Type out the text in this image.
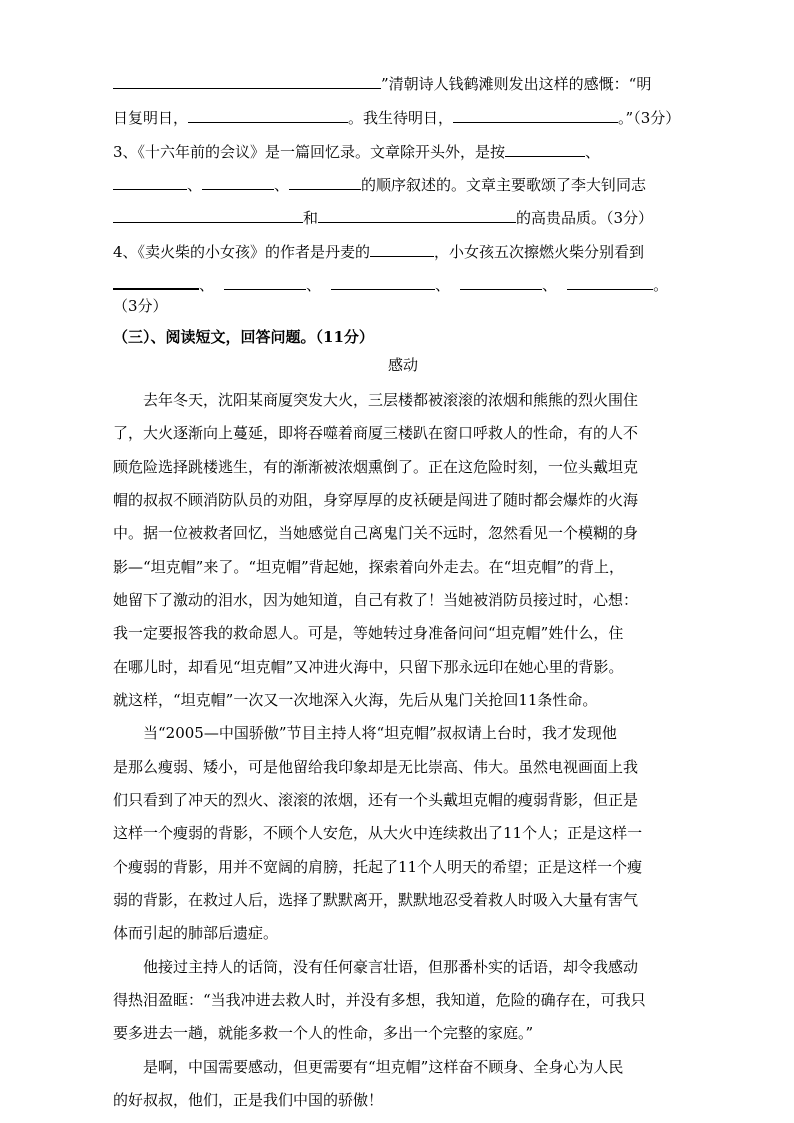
”清朝诗人钱鹤滩则发出这样的感慨：“明
日复明日，	。我生待明日，	。”（3分）
3、《十六年前的会议》是一篇回忆录。文章除开头外，是按	、
、	、	的顺序叙述的。文章主要歌颂了李大钊同志
和	的高贵品质。（3分）
4、《卖火柴的小女孩》的作者是丹麦的	，小女孩五次擦燃火柴分别看到
、	、	、	、	。
（3分）
（三）、阅读短文，回答问题。（11分）
感动
　　去年冬天，沈阳某商厦突发大火，三层楼都被滚滚的浓烟和熊熊的烈火围住
了，大火逐渐向上蔓延，即将吞噬着商厦三楼趴在窗口呼救人的性命，有的人不
顾危险选择跳楼逃生，有的渐渐被浓烟熏倒了。正在这危险时刻，一位头戴坦克
帽的叔叔不顾消防队员的劝阻，身穿厚厚的皮袄硬是闯进了随时都会爆炸的火海
中。据一位被救者回忆，当她感觉自己离鬼门关不远时，忽然看见一个模糊的身
影—“坦克帽”来了。“坦克帽”背起她，探索着向外走去。在“坦克帽”的背上，
她留下了激动的泪水，因为她知道，自己有救了！当她被消防员接过时，心想：
我一定要报答我的救命恩人。可是，等她转过身准备问问“坦克帽”姓什么，住
在哪儿时，却看见“坦克帽”又冲进火海中，只留下那永远印在她心里的背影。
就这样，“坦克帽”一次又一次地深入火海，先后从鬼门关抢回11条性命。
　　当“2005—中国骄傲”节目主持人将“坦克帽”叔叔请上台时，我才发现他
是那么瘦弱、矮小，可是他留给我印象却是无比崇高、伟大。虽然电视画面上我
们只看到了冲天的烈火、滚滚的浓烟，还有一个头戴坦克帽的瘦弱背影，但正是
这样一个瘦弱的背影，不顾个人安危，从大火中连续救出了11个人；正是这样一
个瘦弱的背影，用并不宽阔的肩膀，托起了11个人明天的希望；正是这样一个瘦
弱的背影，在救过人后，选择了默默离开，默默地忍受着救人时吸入大量有害气
体而引起的肺部后遗症。
　　他接过主持人的话筒，没有任何豪言壮语，但那番朴实的话语，却令我感动
得热泪盈眶：“当我冲进去救人时，并没有多想，我知道，危险的确存在，可我只
要多进去一趟，就能多救一个人的性命，多出一个完整的家庭。”
　　是啊，中国需要感动，但更需要有“坦克帽”这样奋不顾身、全身心为人民
的好叔叔，他们，正是我们中国的骄傲！
